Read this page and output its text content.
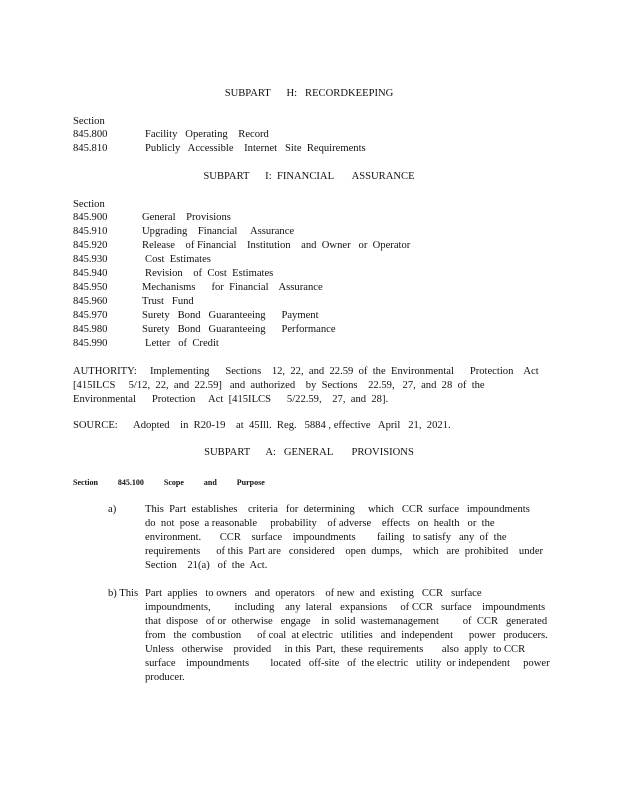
SUBPART      H:   RECORDKEEPING
Section
845.800	Facility   Operating    Record
845.810	Publicly   Accessible    Internet   Site  Requirements
SUBPART      I:  FINANCIAL       ASSURANCE
Section
845.900	General    Provisions
845.910	Upgrading    Financial     Assurance
845.920	Release    of Financial    Institution    and  Owner   or  Operator
845.930	Cost  Estimates
845.940	Revision    of  Cost  Estimates
845.950	Mechanisms      for  Financial    Assurance
845.960	Trust   Fund
845.970	Surety   Bond   Guaranteeing      Payment
845.980	Surety   Bond   Guaranteeing      Performance
845.990	Letter   of  Credit
AUTHORITY:     Implementing      Sections    12,  22,  and  22.59  of  the  Environmental      Protection    Act
[415ILCS     5/12,  22,  and  22.59]   and  authorized    by  Sections    22.59,   27,  and  28  of  the
Environmental      Protection     Act  [415ILCS      5/22.59,    27,  and  28].
SOURCE:      Adopted    in  R20-19    at  45Ill.  Reg.   5884 , effective   April   21,  2021.
SUBPART      A:   GENERAL       PROVISIONS
Section          845.100          Scope          and          Purpose
a)	This  Part  establishes    criteria   for  determining     which   CCR  surface   impoundments
do  not  pose  a reasonable     probability    of adverse    effects   on  health   or  the
environment.       CCR    surface    impoundments        failing   to satisfy   any  of  the
requirements      of this  Part are   considered    open  dumps,    which   are  prohibited    under
Section    21(a)   of  the  Act.
b) This Part  applies   to owners   and  operators    of new  and  existing   CCR   surface
impoundments,         including    any  lateral   expansions     of CCR   surface    impoundments
that  dispose   of or  otherwise   engage    in  solid  wastemanagement         of  CCR   generated
from   the  combustion      of coal  at electric   utilities   and  independent      power   producers.
Unless   otherwise    provided     in this  Part,  these  requirements       also  apply  to CCR
surface    impoundments        located   off-site   of  the electric   utility  or independent     power
producer.
